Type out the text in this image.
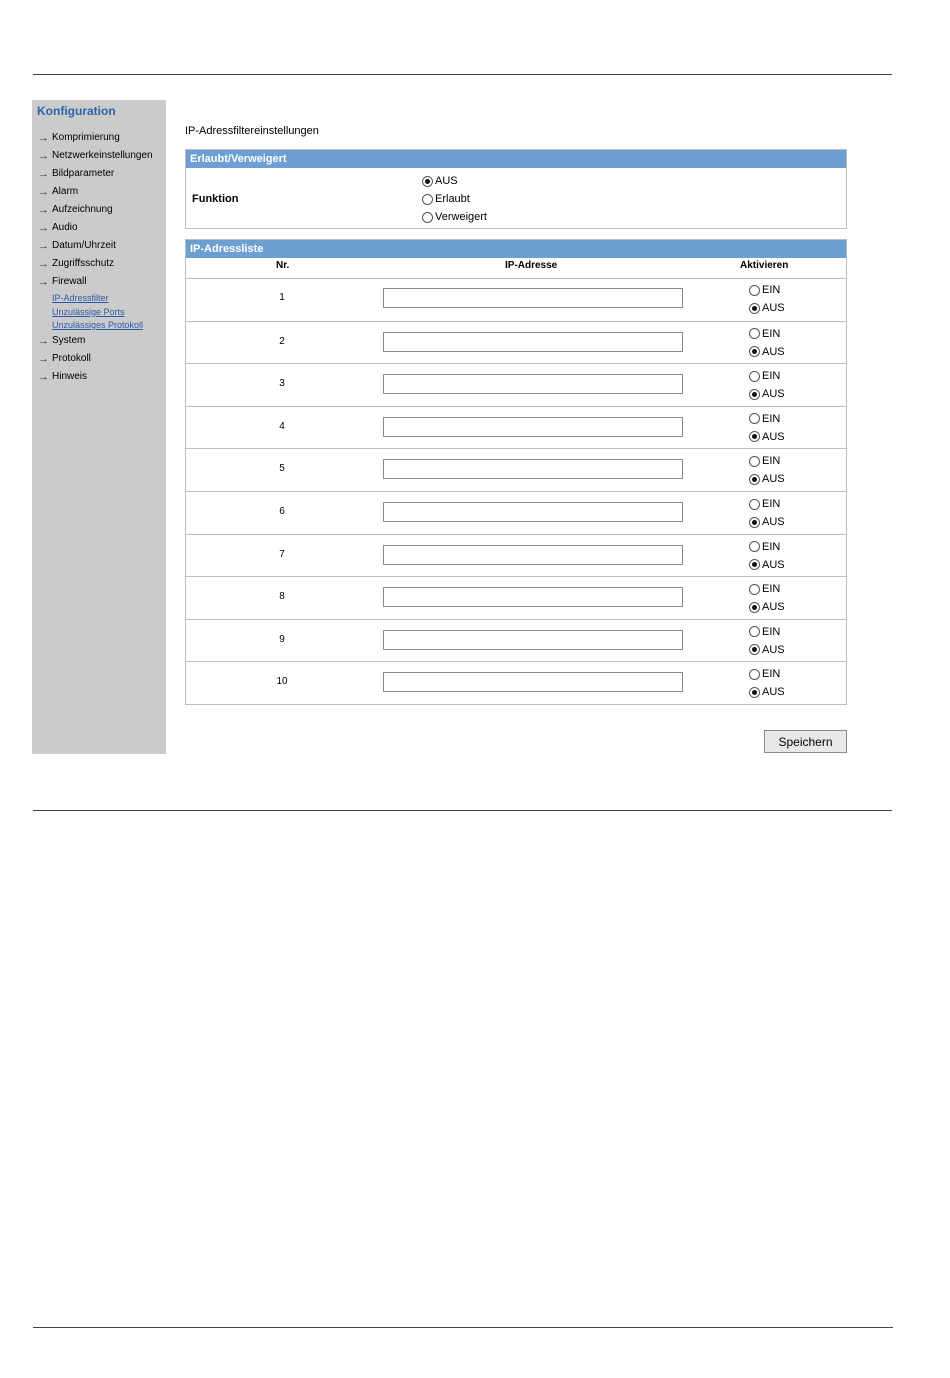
Konfiguration
→ Komprimierung
→ Netzwerkeinstellungen
→ Bildparameter
→ Alarm
→ Aufzeichnung
→ Audio
→ Datum/Uhrzeit
→ Zugriffsschutz
→ Firewall
IP-Adressfilter
Unzulässige Ports
Unzulässiges Protokoll
→ System
→ Protokoll
→ Hinweis
IP-Adressfiltereinstellungen
Erlaubt/Verweigert
Funktion
AUS
Erlaubt
Verweigert
IP-Adressliste
Nr.	IP-Adresse	Aktivieren
1
EIN
AUS
2
EIN
AUS
3
EIN
AUS
4
EIN
AUS
5
EIN
AUS
6
EIN
AUS
7
EIN
AUS
8
EIN
AUS
9
EIN
AUS
10
EIN
AUS
Speichern
